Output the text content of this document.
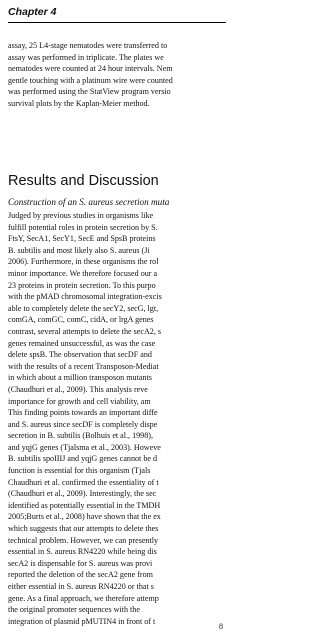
Chapter 4
assay, 25 L4-stage nematodes were transferred to
assay was performed in triplicate. The plates we
nematodes were counted at 24 hour intervals. Nem
gentle touching with a platinum wire were counted
was performed using the StatView program versio
survival plots by the Kaplan-Meier method.
Results and Discussion
Construction of an S. aureus secretion muta
Judged by previous studies in organisms like
fulfill potential roles in protein secretion by S.
FtsY, SecA1, SecY1, SecE and SpsB proteins
B. subtilis and most likely also S. aureus (Ji
2006). Furthermore, in these organisms the rol
minor importance. We therefore focused our a
23 proteins in protein secretion. To this purpo
with the pMAD chromosomal integration-excis
able to completely delete the secY2, secG, lgt,
comGA, comGC, comC, cidA, or lrgA genes
contrast, several attempts to delete the secA2, s
genes remained unsuccessful, as was the case
delete spsB. The observation that secDF and
with the results of a recent Transposon-Mediat
in which about a million transposon mutants
(Chaudhuri et al., 2009). This analysis reve
importance for growth and cell viability, am
This finding points towards an important diffe
and S. aureus since secDF is completely dispe
secretion in B. subtilis (Bolhuis et al., 1998),
and yqjG genes (Tjalsma et al., 2003). Howeve
B. subtilis spoIIIJ and yqjG genes cannot be d
function is essential for this organism (Tjals
Chaudhuri et al. confirmed the essentiality of t
(Chaudhuri et al., 2009). Interestingly, the sec
identified as potentially essential in the TMDH
2005;Burts et al., 2008) have shown that the ex
which suggests that our attempts to delete thes
technical problem. However, we can presently
essential in S. aureus RN4220 while being dis
secA2 is dispensable for S. aureus was provi
reported the deletion of the secA2 gene from
either essential in S. aureus RN4220 or that s
gene. As a final approach, we therefore attemp
the original promoter sequences with the
integration of plasmid pMUTIN4 in front of t
8
